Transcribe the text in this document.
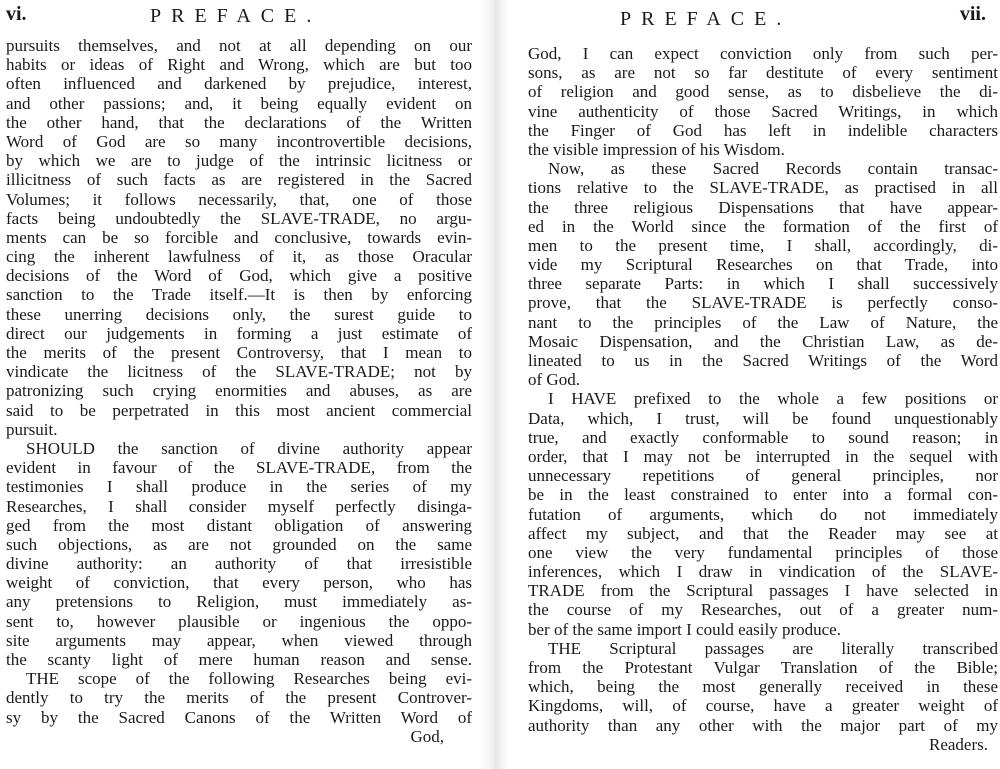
vi.	PREFACE.
pursuits themselves, and not at all depending on our
habits or ideas of Right and Wrong, which are but too
often influenced and darkened by prejudice, interest,
and other passions; and, it being equally evident on
the other hand, that the declarations of the Written
Word of God are so many incontrovertible decisions,
by which we are to judge of the intrinsic licitness or
illicitness of such facts as are registered in the Sacred
Volumes; it follows necessarily, that, one of those
facts being undoubtedly the SLAVE-TRADE, no argu-
ments can be so forcible and conclusive, towards evin-
cing the inherent lawfulness of it, as those Oracular
decisions of the Word of God, which give a positive
sanction to the Trade itself.—It is then by enforcing
these unerring decisions only, the surest guide to
direct our judgements in forming a just estimate of
the merits of the present Controversy, that I mean to
vindicate the licitness of the SLAVE-TRADE; not by
patronizing such crying enormities and abuses, as are
said to be perpetrated in this most ancient commercial
pursuit.
SHOULD the sanction of divine authority appear
evident in favour of the SLAVE-TRADE, from the
testimonies I shall produce in the series of my
Researches, I shall consider myself perfectly disinga-
ged from the most distant obligation of answering
such objections, as are not grounded on the same
divine authority: an authority of that irresistible
weight of conviction, that every person, who has
any pretensions to Religion, must immediately as-
sent to, however plausible or ingenious the oppo-
site arguments may appear, when viewed through
the scanty light of mere human reason and sense.
THE scope of the following Researches being evi-
dently to try the merits of the present Controver-
sy by the Sacred Canons of the Written Word of
God,
PREFACE.	vii.
God, I can expect conviction only from such per-
sons, as are not so far destitute of every sentiment
of religion and good sense, as to disbelieve the di-
vine authenticity of those Sacred Writings, in which
the Finger of God has left in indelible characters
the visible impression of his Wisdom.
Now, as these Sacred Records contain transac-
tions relative to the SLAVE-TRADE, as practised in all
the three religious Dispensations that have appear-
ed in the World since the formation of the first of
men to the present time, I shall, accordingly, di-
vide my Scriptural Researches on that Trade, into
three separate Parts: in which I shall successively
prove, that the SLAVE-TRADE is perfectly conso-
nant to the principles of the Law of Nature, the
Mosaic Dispensation, and the Christian Law, as de-
lineated to us in the Sacred Writings of the Word
of God.
I HAVE prefixed to the whole a few positions or
Data, which, I trust, will be found unquestionably
true, and exactly conformable to sound reason; in
order, that I may not be interrupted in the sequel with
unnecessary repetitions of general principles, nor
be in the least constrained to enter into a formal con-
futation of arguments, which do not immediately
affect my subject, and that the Reader may see at
one view the very fundamental principles of those
inferences, which I draw in vindication of the SLAVE-
TRADE from the Scriptural passages I have selected in
the course of my Researches, out of a greater num-
ber of the same import I could easily produce.
THE Scriptural passages are literally transcribed
from the Protestant Vulgar Translation of the Bible;
which, being the most generally received in these
Kingdoms, will, of course, have a greater weight of
authority than any other with the major part of my
Readers.
